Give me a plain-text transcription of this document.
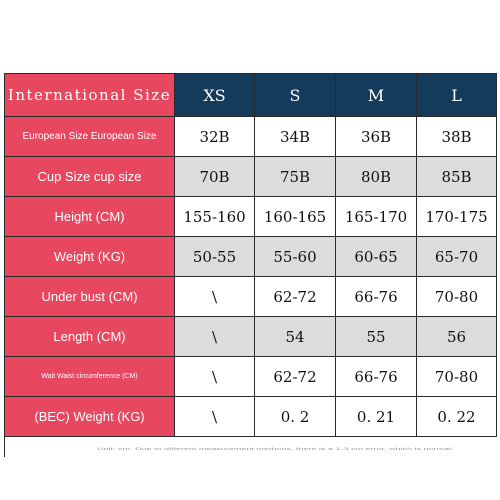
International Size	XS	S	M	L
European Size European Size	32B	34B	36B	38B
Cup Size cup size	70B	75B	80B	85B
Height (CM)	155-160	160-165	165-170	170-175
Weight (KG)	50-55	55-60	60-65	65-70
Under bust (CM)	\	62-72	66-76	70-80
Length (CM)	\	54	55	56
Wait Waist circumference (CM)	\	62-72	66-76	70-80
(BEC) Weight (KG)	\	0. 2	0. 21	0. 22
Unit: cm. Due to different measurement methods, there is a 1-3 cm error, which is normal.
